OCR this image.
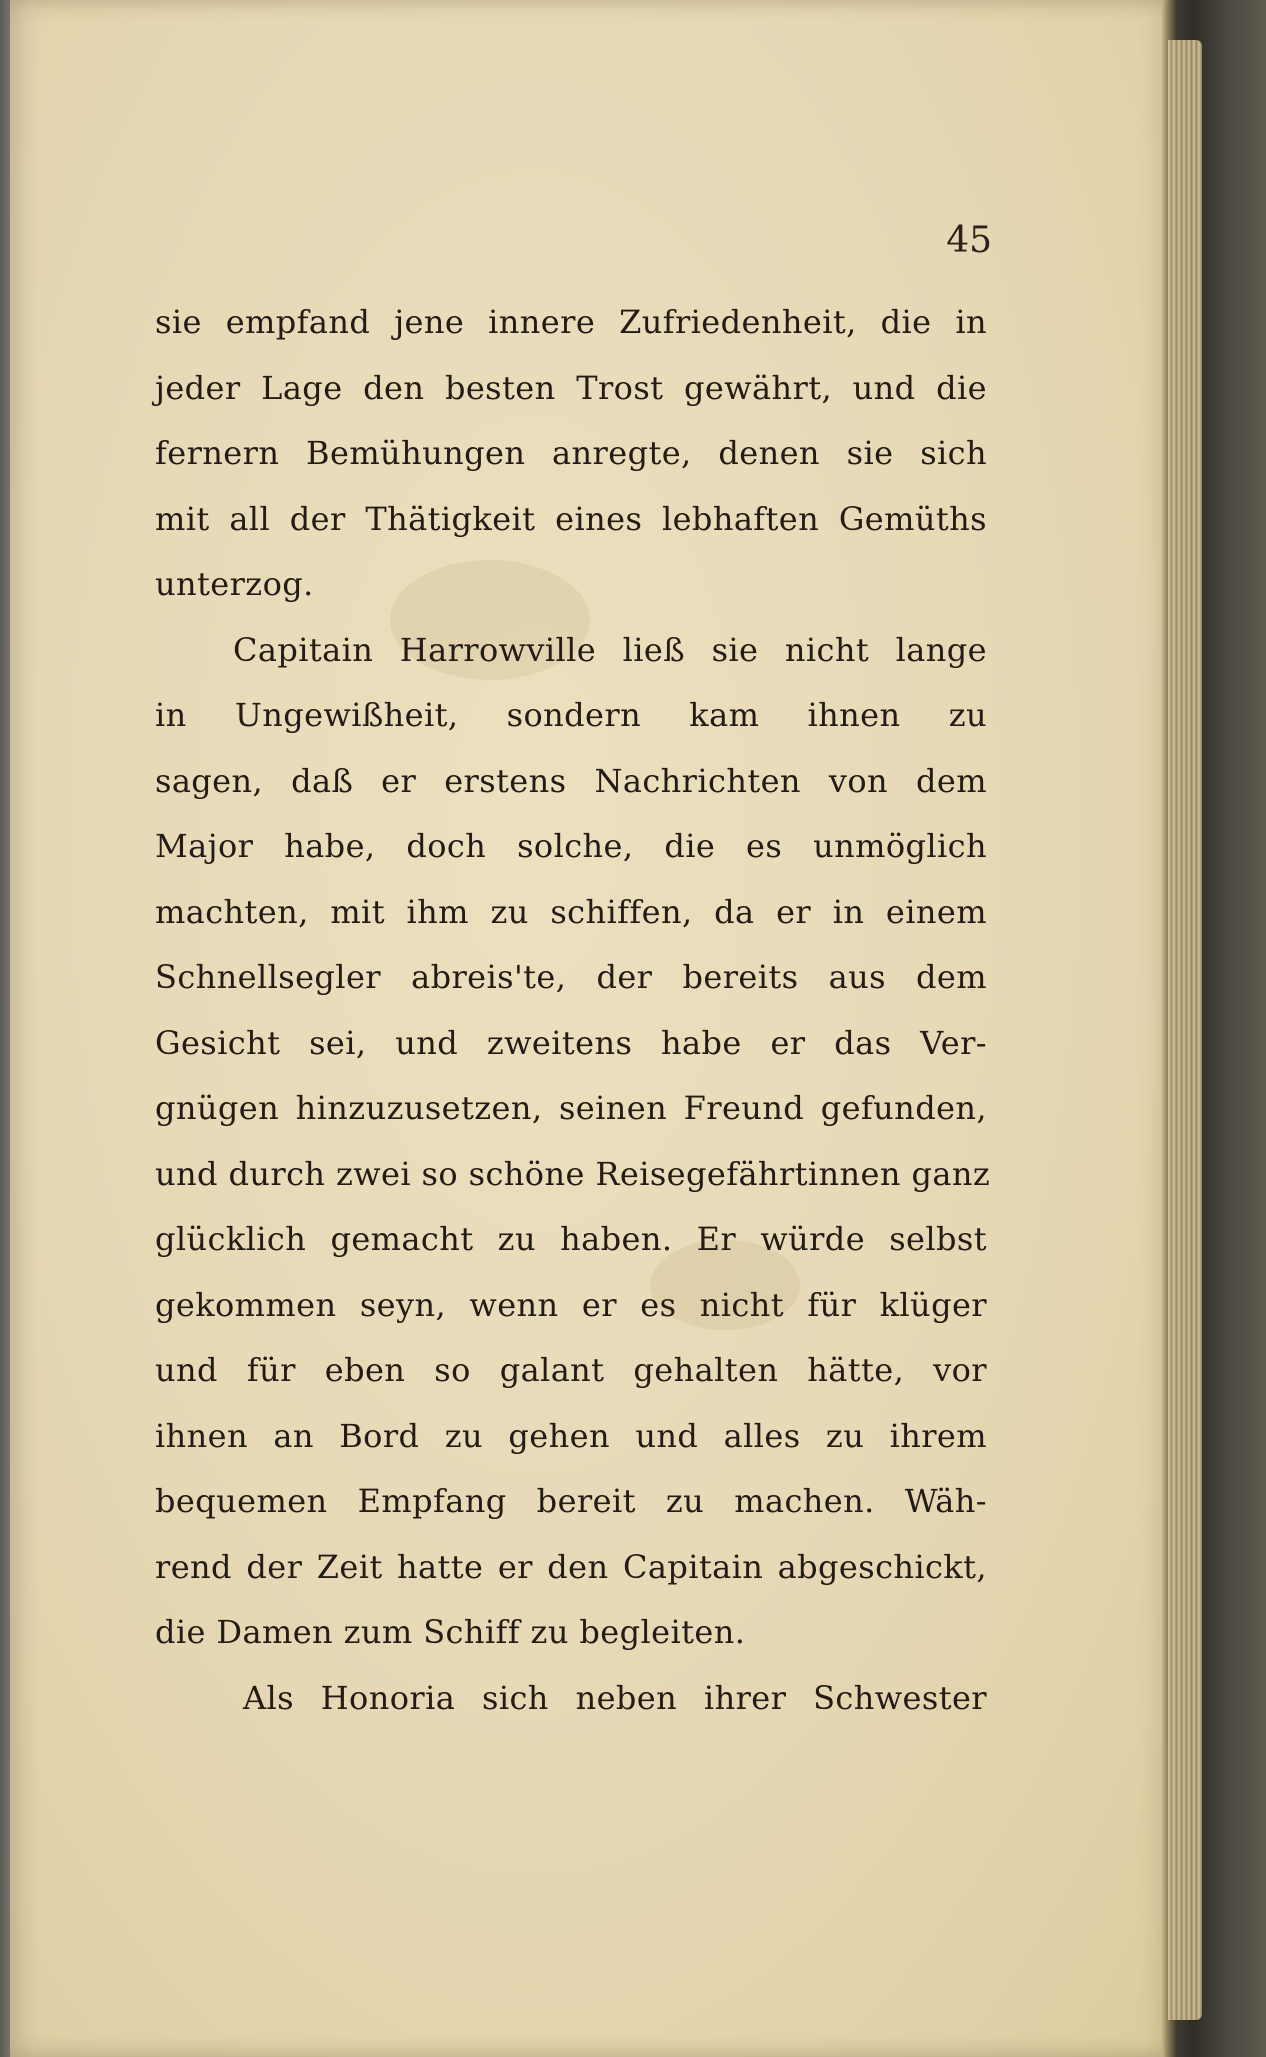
45
sie empfand jene innere Zufriedenheit, die in
jeder Lage den besten Trost gewährt, und die
fernern Bemühungen anregte, denen sie sich
mit all der Thätigkeit eines lebhaften Gemüths
unterzog.
Capitain Harrowville ließ sie nicht lange
in Ungewißheit, sondern kam ihnen zu
sagen, daß er erstens Nachrichten von dem
Major habe, doch solche, die es unmöglich
machten, mit ihm zu schiffen, da er in einem
Schnellsegler abreis'te, der bereits aus dem
Gesicht sei, und zweitens habe er das Ver-
gnügen hinzuzusetzen, seinen Freund gefunden,
und durch zwei so schöne Reisegefährtinnen ganz
glücklich gemacht zu haben. Er würde selbst
gekommen seyn, wenn er es nicht für klüger
und für eben so galant gehalten hätte, vor
ihnen an Bord zu gehen und alles zu ihrem
bequemen Empfang bereit zu machen. Wäh-
rend der Zeit hatte er den Capitain abgeschickt,
die Damen zum Schiff zu begleiten.
Als Honoria sich neben ihrer Schwester
